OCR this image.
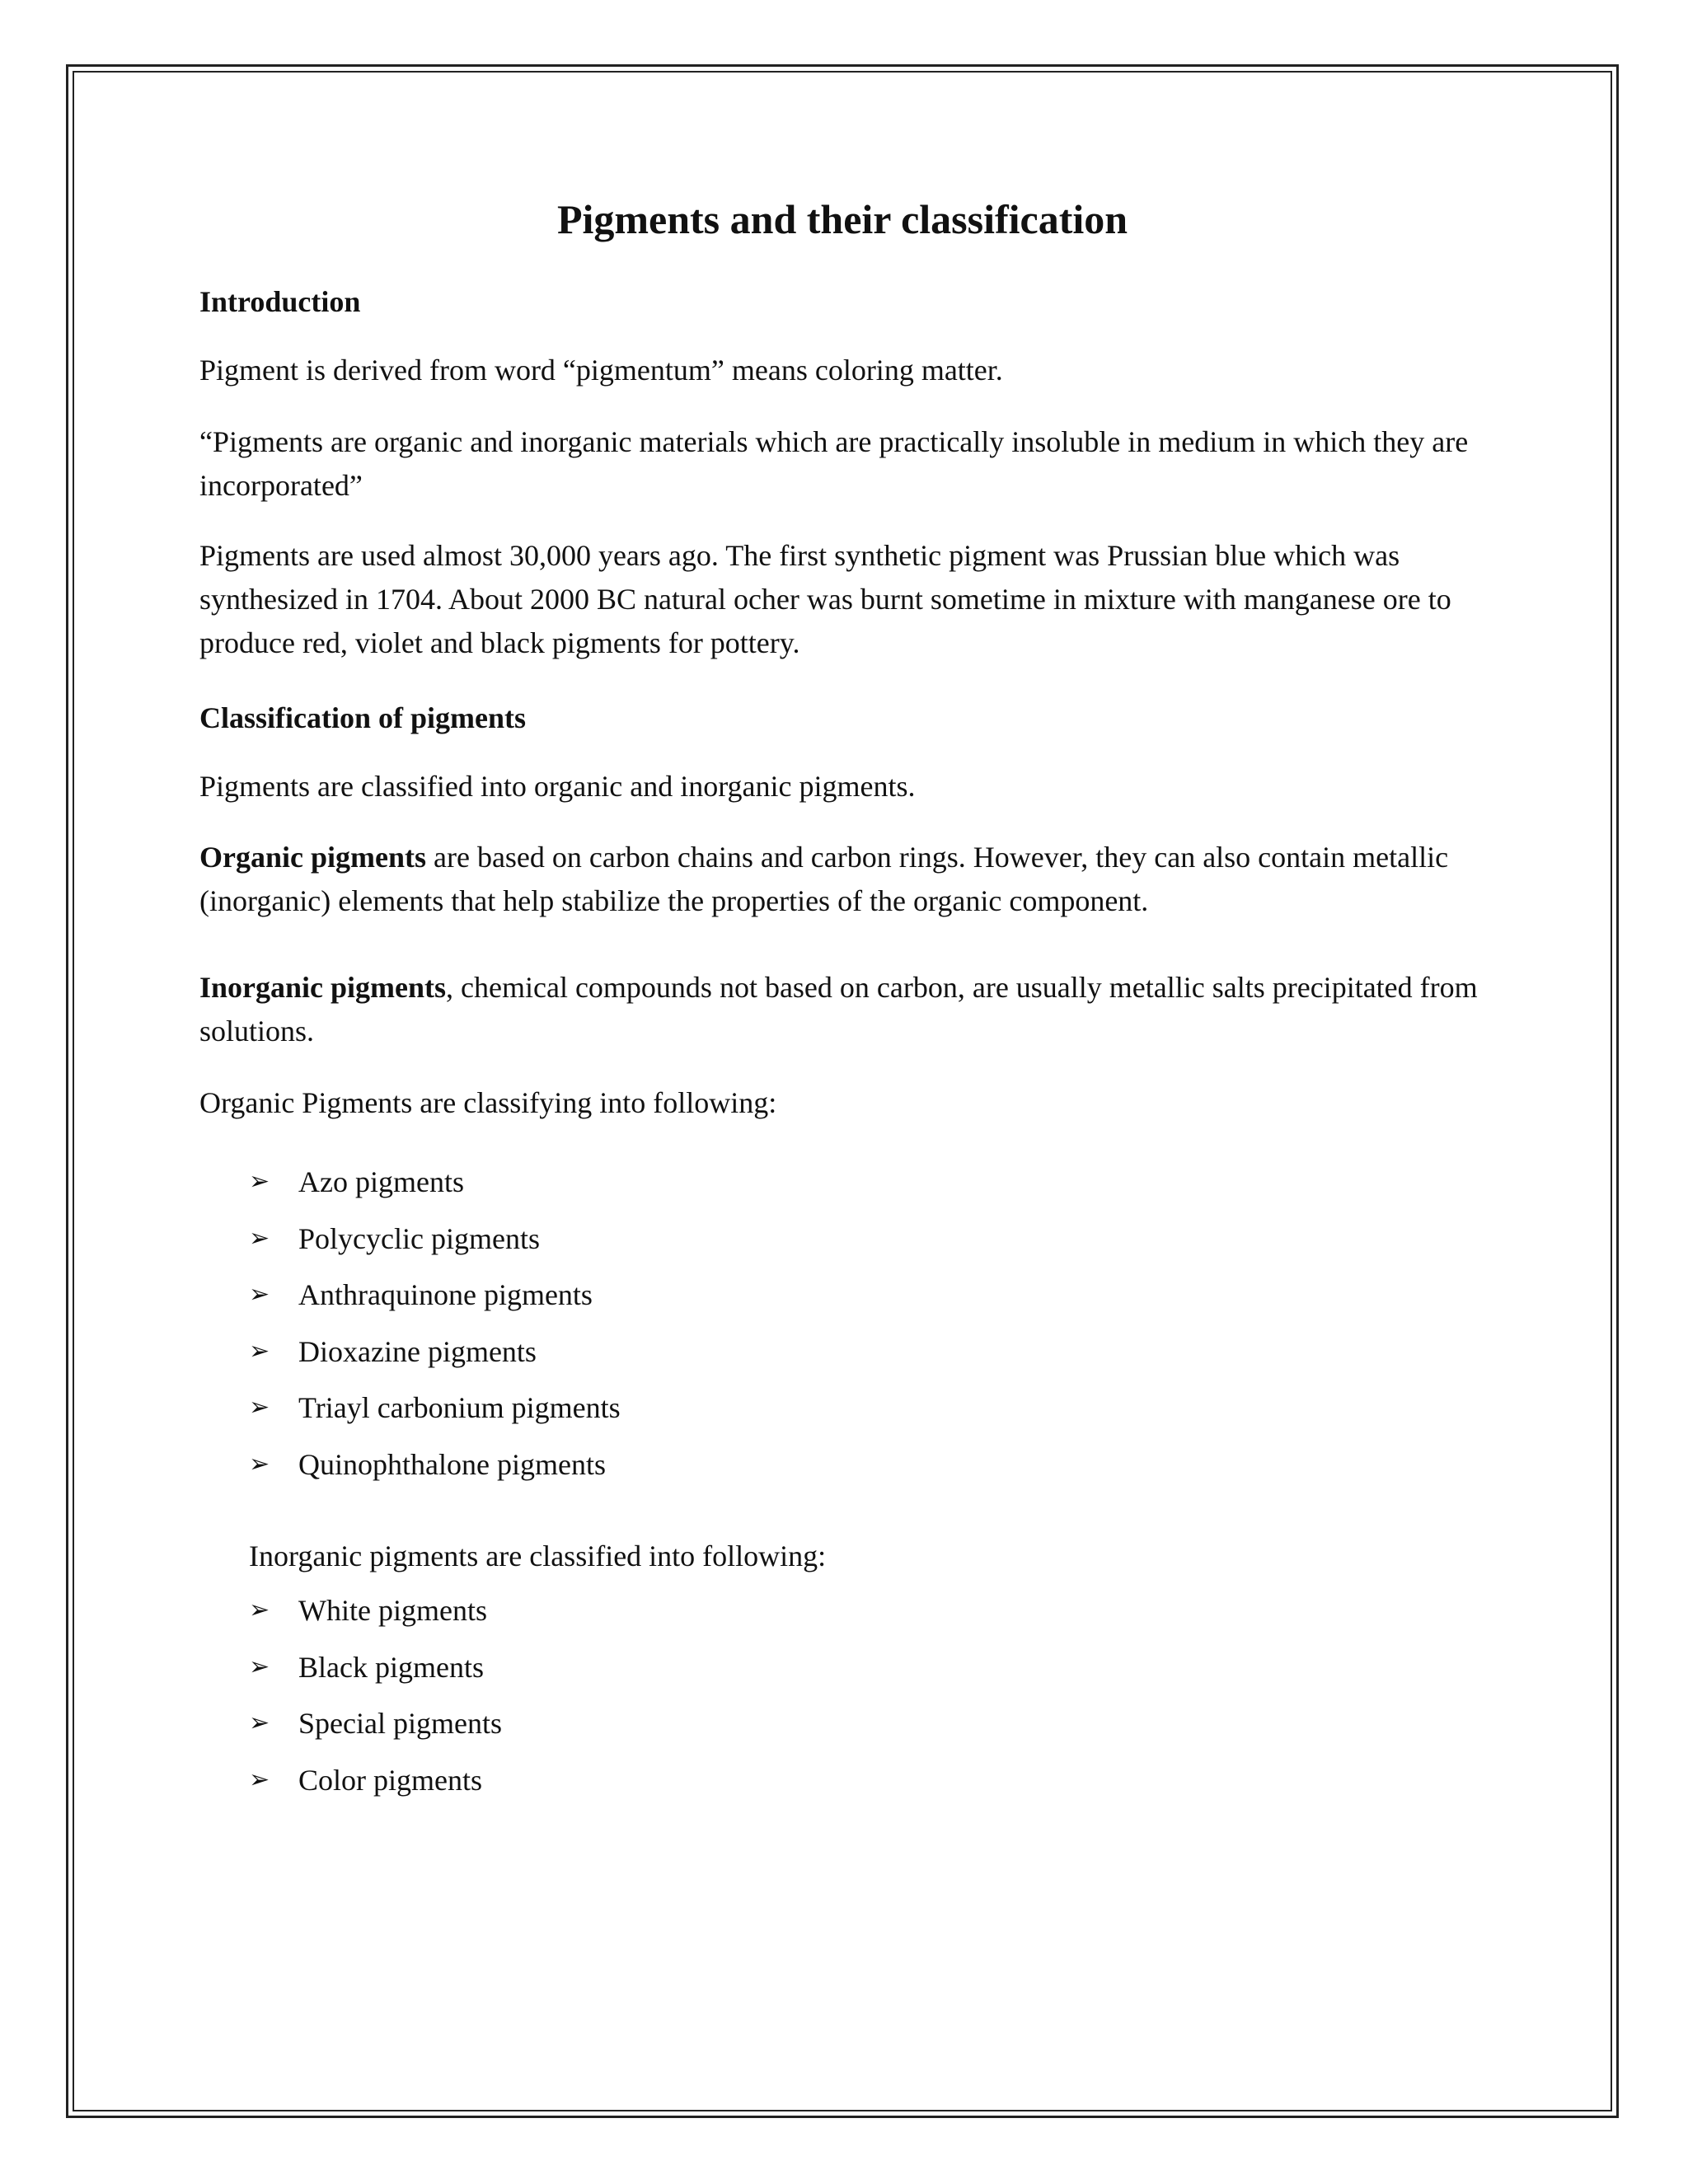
Pigments and their classification
Introduction
Pigment is derived from word “pigmentum” means coloring matter.
“Pigments are organic and inorganic materials which are practically insoluble in medium in which they are incorporated”
Pigments are used almost 30,000 years ago. The first synthetic pigment was Prussian blue which was synthesized in 1704. About 2000 BC natural ocher was burnt sometime in mixture with manganese ore to produce red, violet and black pigments for pottery.
Classification of pigments
Pigments are classified into organic and inorganic pigments.
Organic pigments are based on carbon chains and carbon rings. However, they can also contain metallic (inorganic) elements that help stabilize the properties of the organic component.
Inorganic pigments, chemical compounds not based on carbon, are usually metallic salts precipitated from solutions.
Organic Pigments are classifying into following:
➢ Azo pigments
➢ Polycyclic pigments
➢ Anthraquinone pigments
➢ Dioxazine pigments
➢ Triayl carbonium pigments
➢ Quinophthalone pigments
Inorganic pigments are classified into following:
➢ White pigments
➢ Black pigments
➢ Special pigments
➢ Color pigments
